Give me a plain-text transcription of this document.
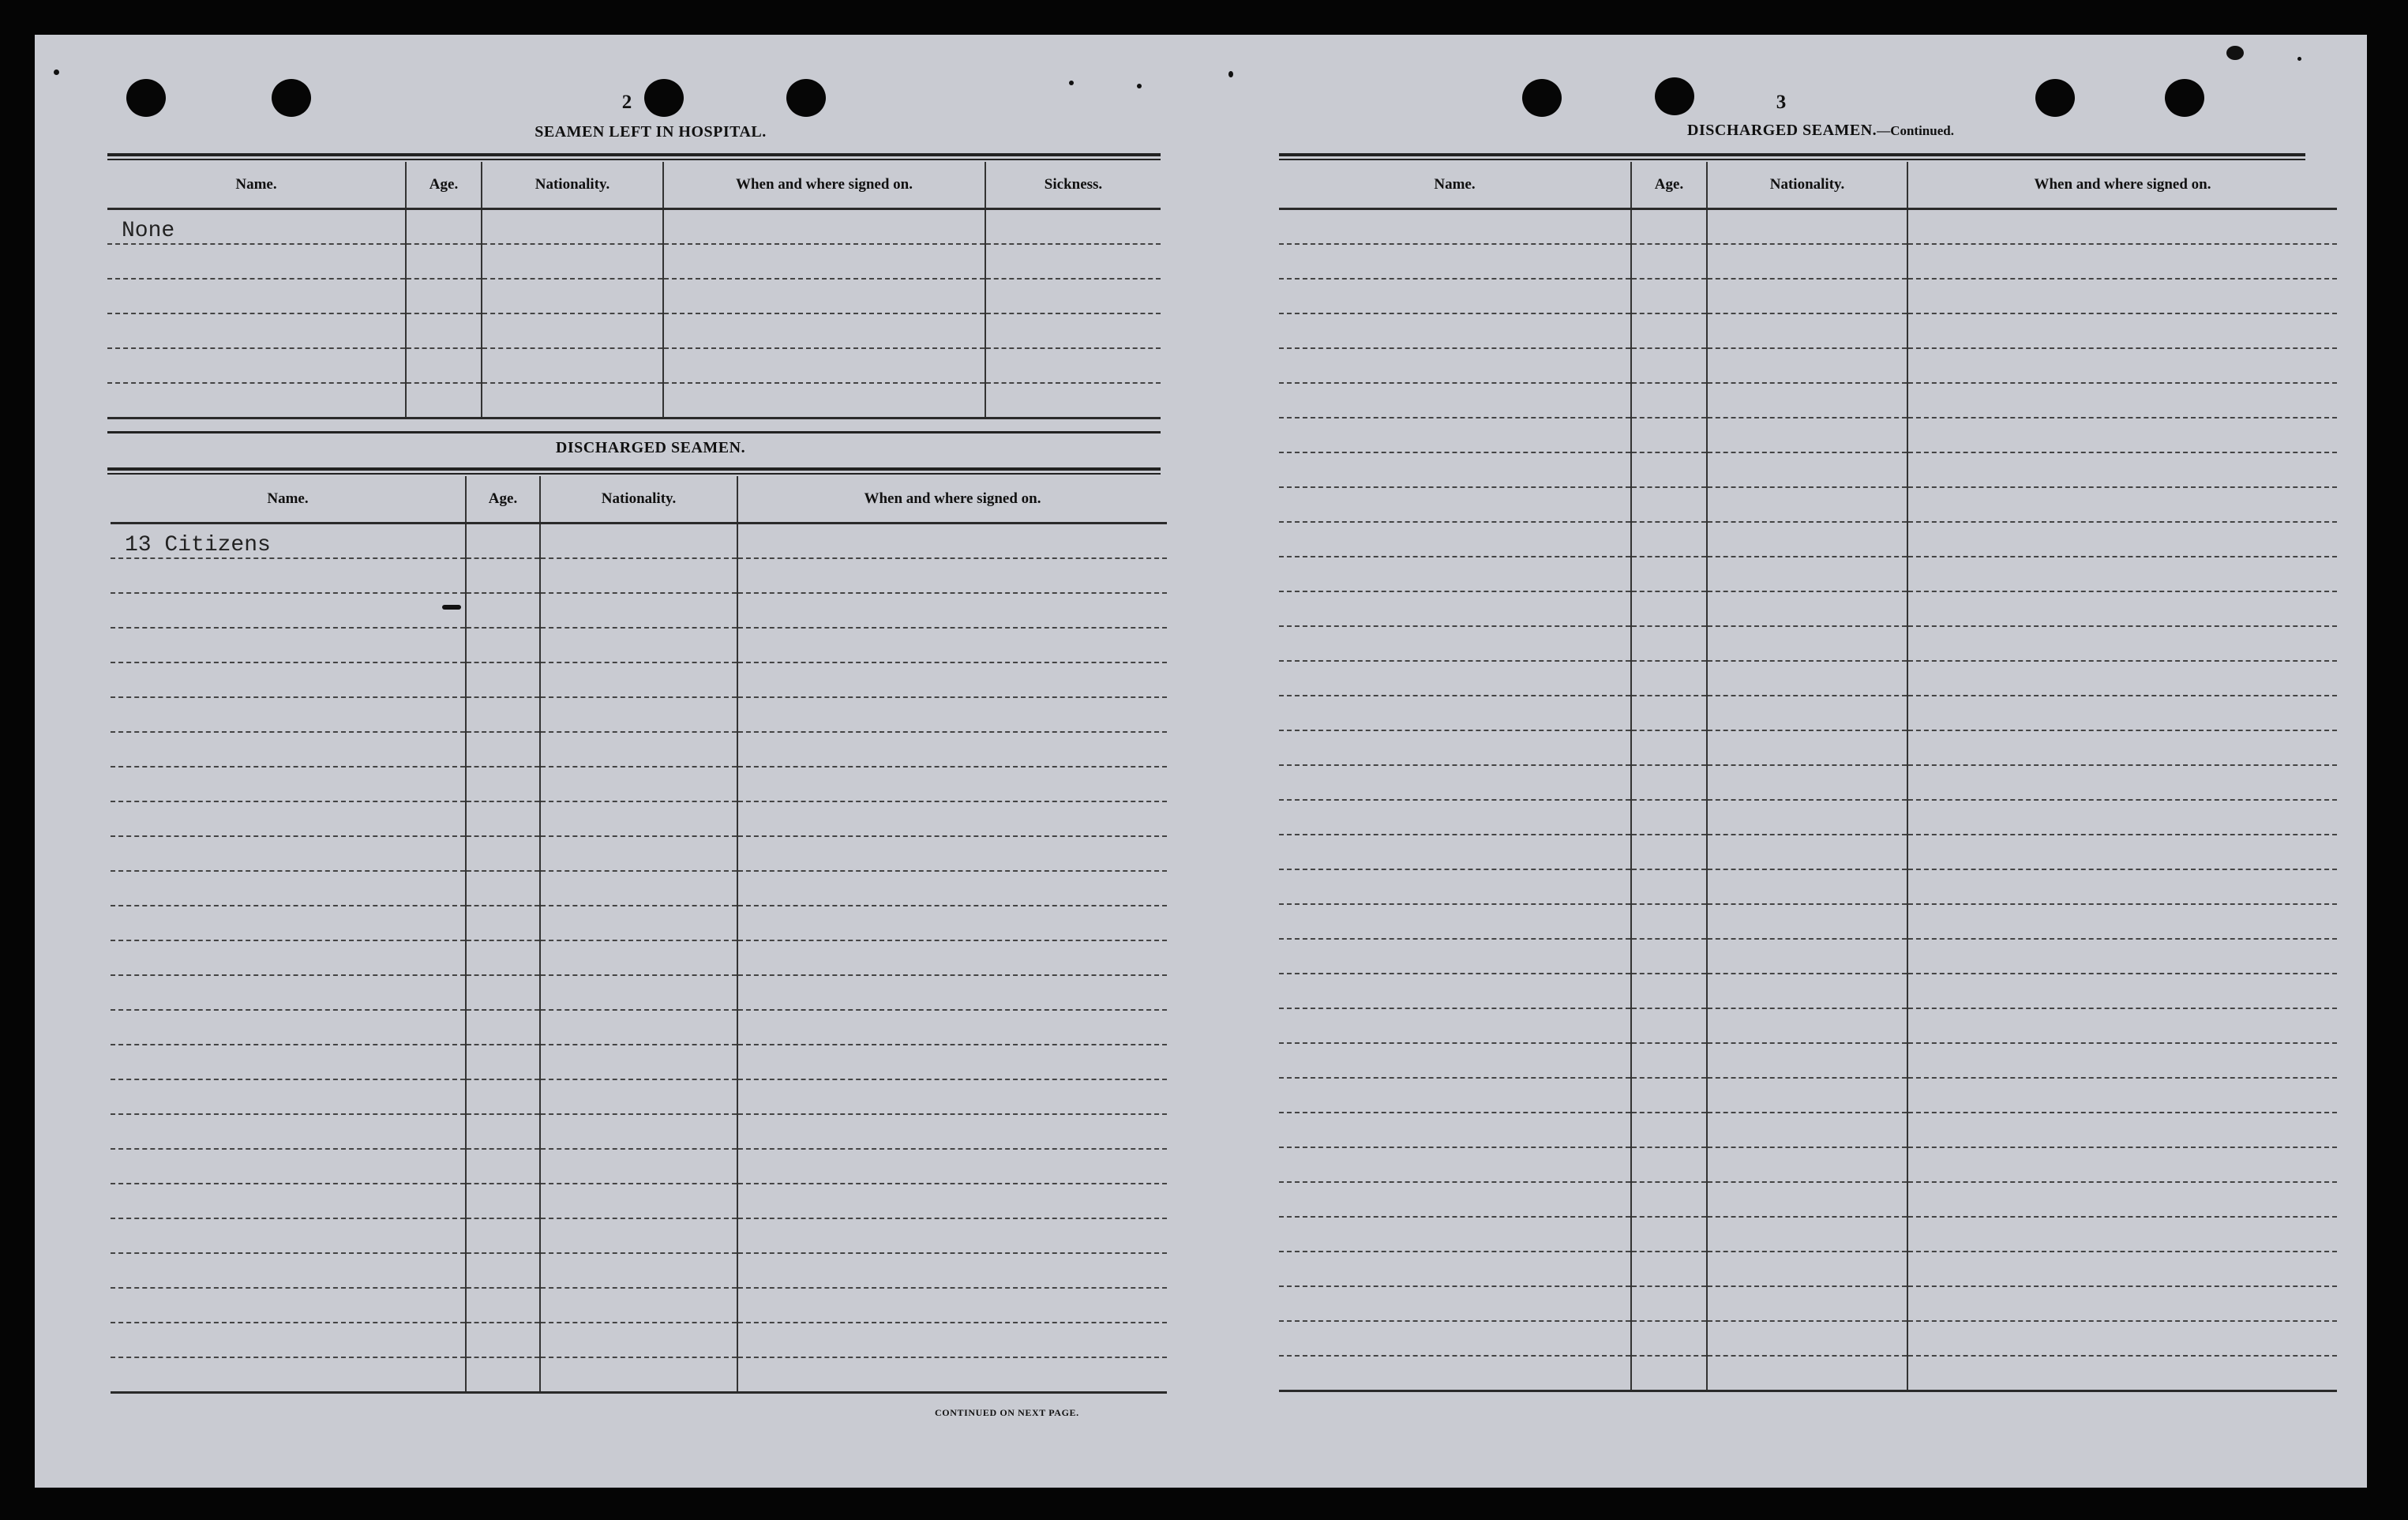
2
SEAMEN LEFT IN HOSPITAL.
Name.	Age.	Nationality.	When and where signed on.	Sickness.
None				

DISCHARGED SEAMEN.
Name.	Age.	Nationality.	When and where signed on.
13 Citizens			

CONTINUED ON NEXT PAGE.
3
DISCHARGED SEAMEN.—Continued.
Name.	Age.	Nationality.	When and where signed on.
